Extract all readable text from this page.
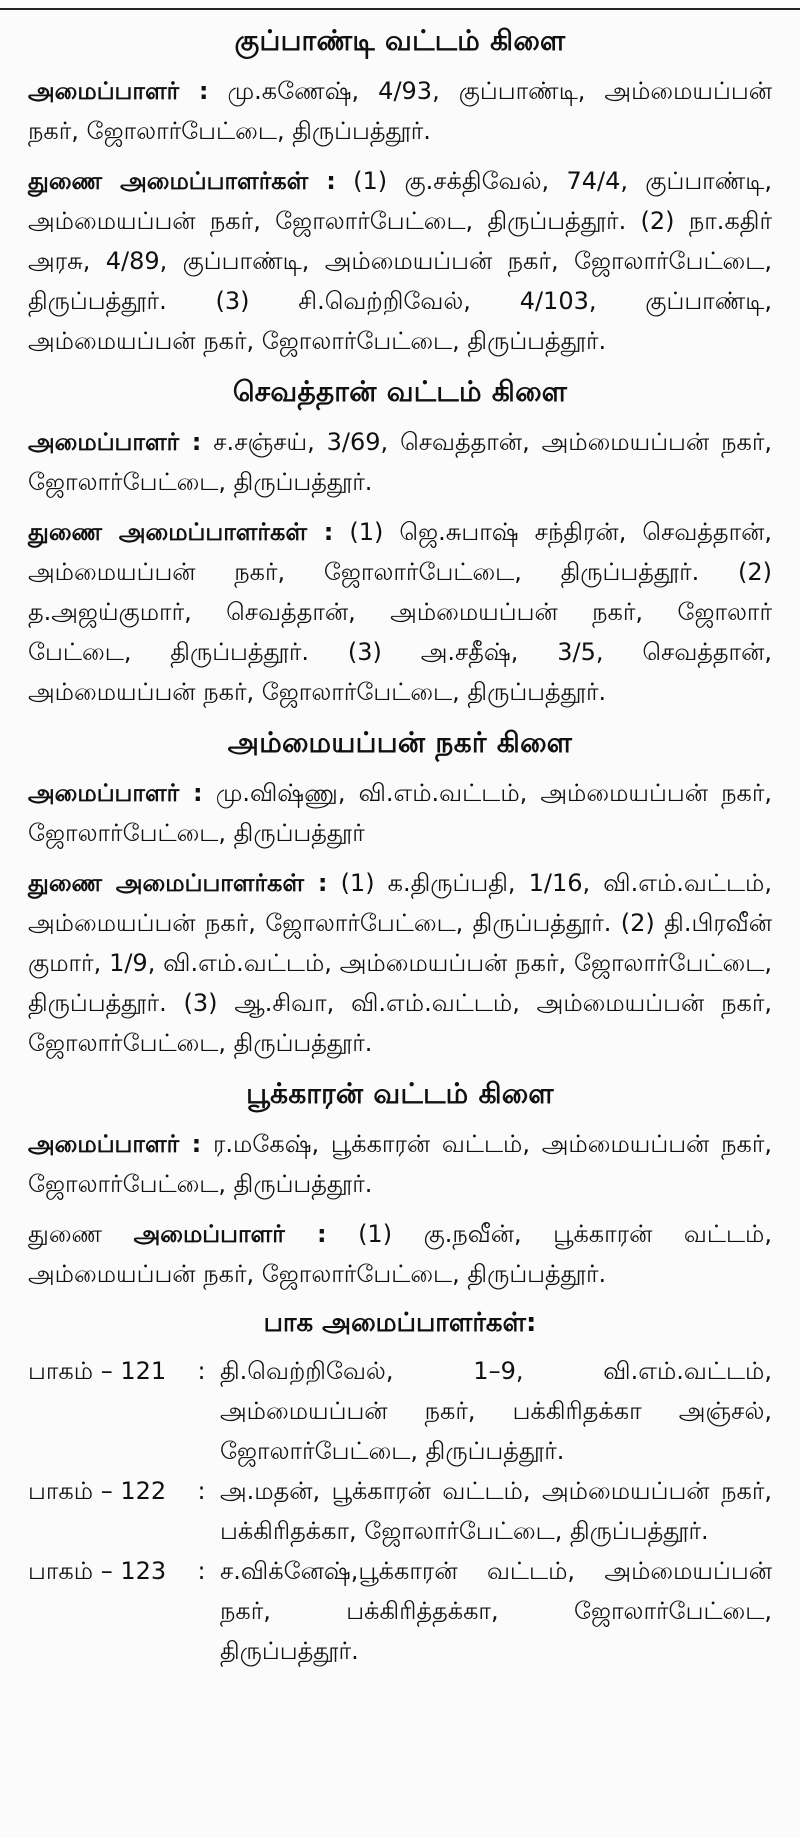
குப்பாண்டி வட்டம் கிளை

அமைப்பாளர் : மு.கணேஷ், 4/93, குப்பாண்டி, அம்மையப்பன் நகர், ஜோலார்பேட்டை, திருப்பத்தூர்.

துணை அமைப்பாளர்கள் : (1) கு.சக்திவேல், 74/4, குப்பாண்டி, அம்மையப்பன் நகர், ஜோலார்பேட்டை, திருப்பத்தூர். (2) நா.கதிர் அரசு, 4/89, குப்பாண்டி, அம்மையப்பன் நகர், ஜோலார்பேட்டை, திருப்பத்தூர். (3) சி.வெற்றிவேல், 4/103, குப்பாண்டி, அம்மையப்பன் நகர், ஜோலார்பேட்டை, திருப்பத்தூர்.

செவத்தான் வட்டம் கிளை

அமைப்பாளர் : ச.சஞ்சய், 3/69, செவத்தான், அம்மையப்பன் நகர், ஜோலார்பேட்டை, திருப்பத்தூர்.

துணை அமைப்பாளர்கள் : (1) ஜெ.சுபாஷ் சந்திரன், செவத்தான், அம்மையப்பன் நகர், ஜோலார்பேட்டை, திருப்பத்தூர். (2) த.அஜய்குமார், செவத்தான், அம்மையப்பன் நகர், ஜோலார் பேட்டை, திருப்பத்தூர். (3) அ.சதீஷ், 3/5, செவத்தான், அம்மையப்பன் நகர், ஜோலார்பேட்டை, திருப்பத்தூர்.

அம்மையப்பன் நகர் கிளை

அமைப்பாளர் : மு.விஷ்ணு, வி.எம்.வட்டம், அம்மையப்பன் நகர், ஜோலார்பேட்டை, திருப்பத்தூர்

துணை அமைப்பாளர்கள் : (1) க.திருப்பதி, 1/16, வி.எம்.வட்டம், அம்மையப்பன் நகர், ஜோலார்பேட்டை, திருப்பத்தூர். (2) தி.பிரவீன் குமார், 1/9, வி.எம்.வட்டம், அம்மையப்பன் நகர், ஜோலார்பேட்டை, திருப்பத்தூர். (3) ஆ.சிவா, வி.எம்.வட்டம், அம்மையப்பன் நகர், ஜோலார்பேட்டை, திருப்பத்தூர்.

பூக்காரன் வட்டம் கிளை

அமைப்பாளர் : ர.மகேஷ், பூக்காரன் வட்டம், அம்மையப்பன் நகர், ஜோலார்பேட்டை, திருப்பத்தூர்.

துணை அமைப்பாளர் : (1) கு.நவீன், பூக்காரன் வட்டம், அம்மையப்பன் நகர், ஜோலார்பேட்டை, திருப்பத்தூர்.

பாக அமைப்பாளர்கள்:
பாகம் – 121	: தி.வெற்றிவேல், 1–9, வி.எம்.வட்டம், அம்மையப்பன் நகர், பக்கிரிதக்கா அஞ்சல், ஜோலார்பேட்டை, திருப்பத்தூர்.
பாகம் – 122	: அ.மதன், பூக்காரன் வட்டம், அம்மையப்பன் நகர், பக்கிரிதக்கா, ஜோலார்பேட்டை, திருப்பத்தூர்.
பாகம் – 123	: ச.விக்னேஷ்,பூக்காரன் வட்டம், அம்மையப்பன் நகர், பக்கிரித்தக்கா, ஜோலார்பேட்டை, திருப்பத்தூர்.
